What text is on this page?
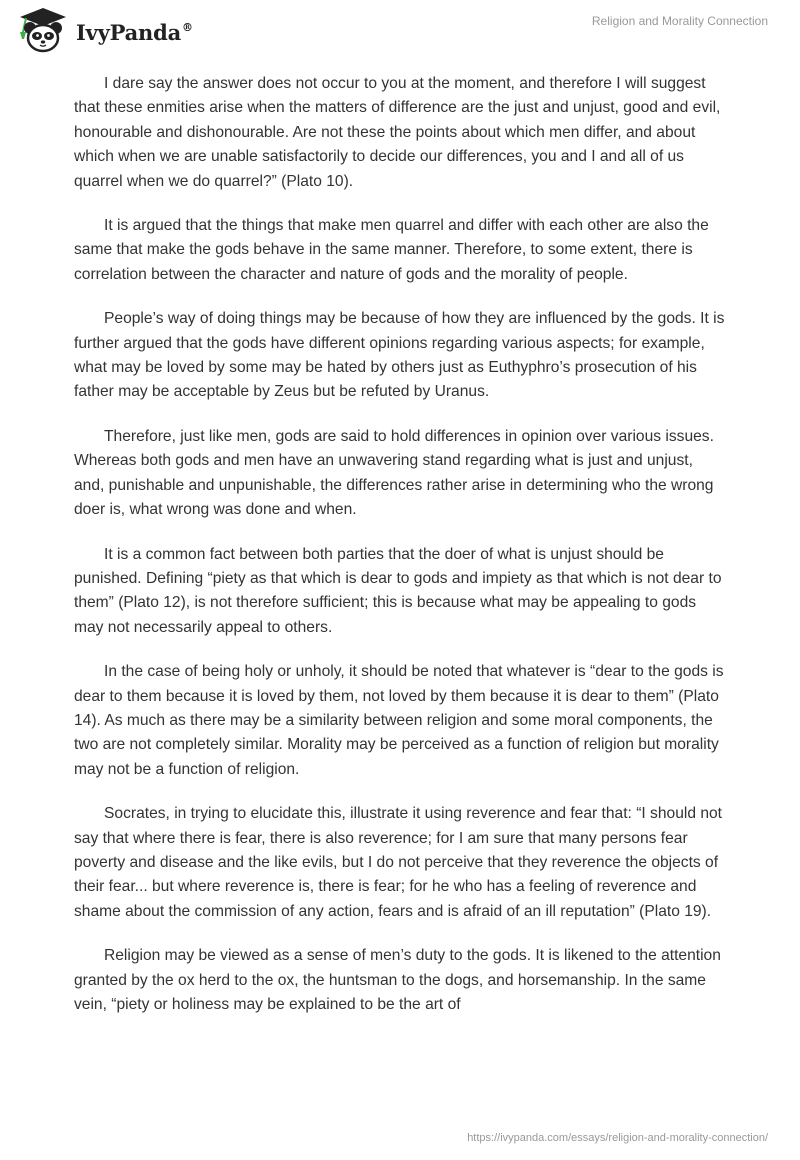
IvyPanda®	Religion and Morality Connection

I dare say the answer does not occur to you at the moment, and therefore I will suggest that these enmities arise when the matters of difference are the just and unjust, good and evil, honourable and dishonourable. Are not these the points about which men differ, and about which when we are unable satisfactorily to decide our differences, you and I and all of us quarrel when we do quarrel?” (Plato 10).

It is argued that the things that make men quarrel and differ with each other are also the same that make the gods behave in the same manner. Therefore, to some extent, there is correlation between the character and nature of gods and the morality of people.

People’s way of doing things may be because of how they are influenced by the gods. It is further argued that the gods have different opinions regarding various aspects; for example, what may be loved by some may be hated by others just as Euthyphro’s prosecution of his father may be acceptable by Zeus but be refuted by Uranus.

Therefore, just like men, gods are said to hold differences in opinion over various issues. Whereas both gods and men have an unwavering stand regarding what is just and unjust, and, punishable and unpunishable, the differences rather arise in determining who the wrong doer is, what wrong was done and when.

It is a common fact between both parties that the doer of what is unjust should be punished. Defining “piety as that which is dear to gods and impiety as that which is not dear to them” (Plato 12), is not therefore sufficient; this is because what may be appealing to gods may not necessarily appeal to others.

In the case of being holy or unholy, it should be noted that whatever is “dear to the gods is dear to them because it is loved by them, not loved by them because it is dear to them” (Plato 14). As much as there may be a similarity between religion and some moral components, the two are not completely similar. Morality may be perceived as a function of religion but morality may not be a function of religion.

Socrates, in trying to elucidate this, illustrate it using reverence and fear that: “I should not say that where there is fear, there is also reverence; for I am sure that many persons fear poverty and disease and the like evils, but I do not perceive that they reverence the objects of their fear... but where reverence is, there is fear; for he who has a feeling of reverence and shame about the commission of any action, fears and is afraid of an ill reputation” (Plato 19).

Religion may be viewed as a sense of men’s duty to the gods. It is likened to the attention granted by the ox herd to the ox, the huntsman to the dogs, and horsemanship. In the same vein, “piety or holiness may be explained to be the art of

https://ivypanda.com/essays/religion-and-morality-connection/
